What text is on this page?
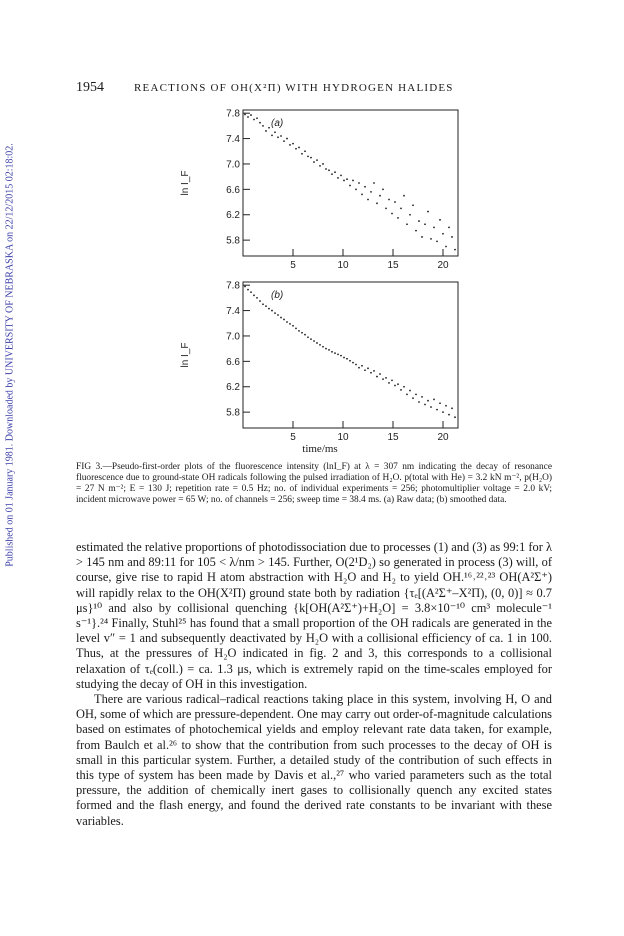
Published on 01 January 1981. Downloaded by UNIVERSITY OF NEBRASKA on 22/12/2015 02:18:02.
1954	REACTIONS OF OH(X²Π) WITH HYDROGEN HALIDES
5.8
6.2
6.6
7.0
7.4
7.8
5	10	15	20
ln I_F
(a)
5.8
6.2
6.6
7.0
7.4
7.8
5	10	15	20
ln I_F
(b)
time/ms
FIG 3.—Pseudo-first-order plots of the fluorescence intensity (lnI_F) at λ = 307 nm indicating the decay of resonance fluorescence due to ground-state OH radicals following the pulsed irradiation of H₂O. p(total with He) = 3.2 kN m⁻², p(H₂O) = 27 N m⁻²; E = 130 J; repetition rate = 0.5 Hz; no. of individual experiments = 256; photomultiplier voltage = 2.0 kV; incident microwave power = 65 W; no. of channels = 256; sweep time = 38.4 ms. (a) Raw data; (b) smoothed data.

estimated the relative proportions of photodissociation due to processes (1) and (3) as 99:1 for λ > 145 nm and 89:11 for 105 < λ/nm > 145. Further, O(2¹D₂) so generated in process (3) will, of course, give rise to rapid H atom abstraction with H₂O and H₂ to yield OH.¹⁶˒²²˒²³ OH(A²Σ⁺) will rapidly relax to the OH(X²Π) ground state both by radiation {τₑ[(A²Σ⁺–X²Π), (0, 0)] ≈ 0.7 μs}¹⁰ and also by collisional quenching {k[OH(A²Σ⁺)+H₂O] = 3.8×10⁻¹⁰ cm³ molecule⁻¹ s⁻¹}.²⁴ Finally, Stuhl²⁵ has found that a small proportion of the OH radicals are generated in the level v″ = 1 and subsequently deactivated by H₂O with a collisional efficiency of ca. 1 in 100. Thus, at the pressures of H₂O indicated in fig. 2 and 3, this corresponds to a collisional relaxation of τₑ(coll.) = ca. 1.3 μs, which is extremely rapid on the time-scales employed for studying the decay of OH in this investigation.

There are various radical–radical reactions taking place in this system, involving H, O and OH, some of which are pressure-dependent. One may carry out order-of-magnitude calculations based on estimates of photochemical yields and employ relevant rate data taken, for example, from Baulch et al.²⁶ to show that the contribution from such processes to the decay of OH is small in this particular system. Further, a detailed study of the contribution of such effects in this type of system has been made by Davis et al.,²⁷ who varied parameters such as the total pressure, the addition of chemically inert gases to collisionally quench any excited states formed and the flash energy, and found the derived rate constants to be invariant with these variables.
